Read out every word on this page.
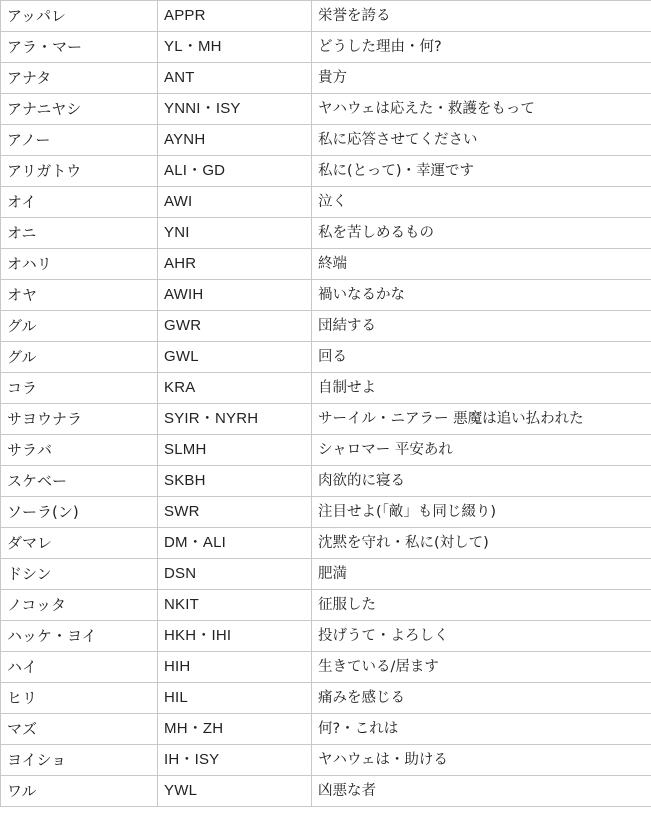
アッパレ	APPR	栄誉を誇る
アラ・マー	YL・MH	どうした理由・何?
アナタ	ANT	貴方
アナニヤシ	YNNI・ISY	ヤハウェは応えた・救護をもって
アノー	AYNH	私に応答させてください
アリガトウ	ALI・GD	私に(とって)・幸運です
オイ	AWI	泣く
オニ	YNI	私を苦しめるもの
オハリ	AHR	終端
オヤ	AWIH	禍いなるかな
グル	GWR	団結する
グル	GWL	回る
コラ	KRA	自制せよ
サヨウナラ	SYIR・NYRH	サーイル・ニアラー 悪魔は追い払われた
サラバ	SLMH	シャロマー 平安あれ
スケベー	SKBH	肉欲的に寝る
ソーラ(ン)	SWR	注目せよ(「敵」も同じ綴り)
ダマレ	DM・ALI	沈黙を守れ・私に(対して)
ドシン	DSN	肥満
ノコッタ	NKIT	征服した
ハッケ・ヨイ	HKH・IHI	投げうて・よろしく
ハイ	HIH	生きている/居ます
ヒリ	HIL	痛みを感じる
マズ	MH・ZH	何?・これは
ヨイショ	IH・ISY	ヤハウェは・助ける
ワル	YWL	凶悪な者
